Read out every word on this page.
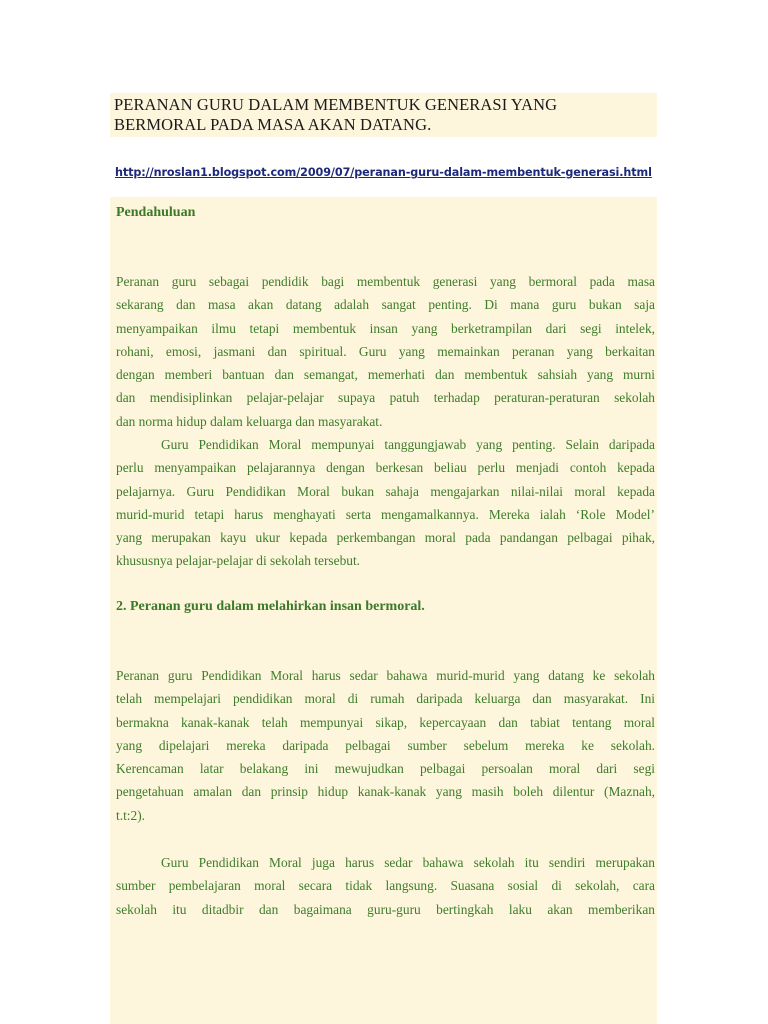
PERANAN GURU DALAM MEMBENTUK GENERASI YANG
BERMORAL PADA MASA AKAN DATANG.
http://nroslan1.blogspot.com/2009/07/peranan-guru-dalam-membentuk-generasi.html
Pendahuluan
Peranan guru sebagai pendidik bagi membentuk generasi yang bermoral pada masa
sekarang dan masa akan datang adalah sangat penting. Di mana guru bukan saja
menyampaikan ilmu tetapi membentuk insan yang berketrampilan dari segi intelek,
rohani, emosi, jasmani dan spiritual. Guru yang memainkan peranan yang berkaitan
dengan memberi bantuan dan semangat, memerhati dan membentuk sahsiah yang murni
dan mendisiplinkan pelajar-pelajar supaya patuh terhadap peraturan-peraturan sekolah
dan norma hidup dalam keluarga dan masyarakat.
Guru Pendidikan Moral mempunyai tanggungjawab yang penting. Selain daripada
perlu menyampaikan pelajarannya dengan berkesan beliau perlu menjadi contoh kepada
pelajarnya. Guru Pendidikan Moral bukan sahaja mengajarkan nilai-nilai moral kepada
murid-murid tetapi harus menghayati serta mengamalkannya. Mereka ialah ‘Role Model’
yang merupakan kayu ukur kepada perkembangan moral pada pandangan pelbagai pihak,
khususnya pelajar-pelajar di sekolah tersebut.
2. Peranan guru dalam melahirkan insan bermoral.
Peranan guru Pendidikan Moral harus sedar bahawa murid-murid yang datang ke sekolah
telah mempelajari pendidikan moral di rumah daripada keluarga dan masyarakat. Ini
bermakna kanak-kanak telah mempunyai sikap, kepercayaan dan tabiat tentang moral
yang dipelajari mereka daripada pelbagai sumber sebelum mereka ke sekolah.
Kerencaman latar belakang ini mewujudkan pelbagai persoalan moral dari segi
pengetahuan amalan dan prinsip hidup kanak-kanak yang masih boleh dilentur (Maznah,
t.t:2).
Guru Pendidikan Moral juga harus sedar bahawa sekolah itu sendiri merupakan
sumber pembelajaran moral secara tidak langsung. Suasana sosial di sekolah, cara
sekolah itu ditadbir dan bagaimana guru-guru bertingkah laku akan memberikan
